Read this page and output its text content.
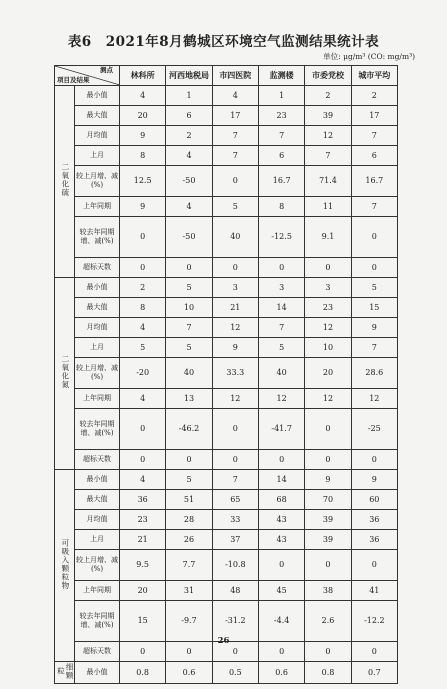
表6 2021年8月鹤城区环境空气监测结果统计表
单位: μg/m³ (CO: mg/m³)
测点
项目及结果		林科所	河西地税局	市四医院	监测楼	市委党校	城市平均
二氧化硫	最小值	4	1	4	1	2	2
	最大值	20	6	17	23	39	17
	月均值	9	2	7	7	12	7
	上月	8	4	7	6	7	6
	较上月增、减(%)	12.5	-50	0	16.7	71.4	16.7
	上年同期	9	4	5	8	11	7
	较去年同期增、减(%)	0	-50	40	-12.5	9.1	0
	超标天数	0	0	0	0	0	0
二氧化氮	最小值	2	5	3	3	3	5
	最大值	8	10	21	14	23	15
	月均值	4	7	12	7	12	9
	上月	5	5	9	5	10	7
	较上月增、减(%)	-20	40	33.3	40	20	28.6
	上年同期	4	13	12	12	12	12
	较去年同期增、减(%)	0	-46.2	0	-41.7	0	-25
	超标天数	0	0	0	0	0	0
可吸入颗粒物	最小值	4	5	7	14	9	9
	最大值	36	51	65	68	70	60
	月均值	23	28	33	43	39	36
	上月	21	26	37	43	39	36
	较上月增、减(%)	9.5	7.7	-10.8	0	0	0
	上年同期	20	31	48	45	38	41
	较去年同期增、减(%)	15	-9.7	-31.2	-4.4	2.6	-12.2
	超标天数	0	0	0	0	0	0
细颗粒	最小值	0.8	0.6	0.5	0.6	0.8	0.7
26
